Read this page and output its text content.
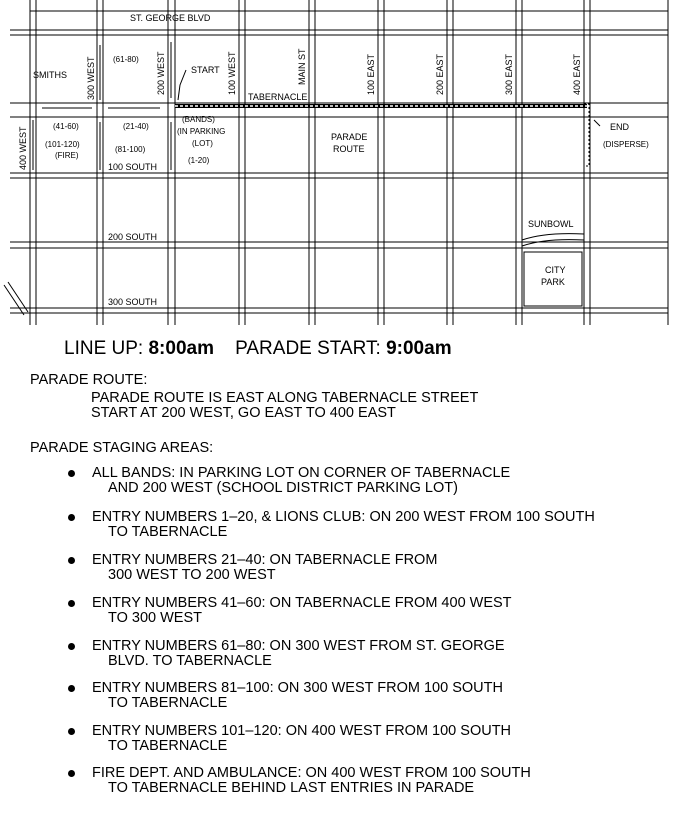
ST. GEORGE BLVD
400 WEST
300 WEST	200 WEST	100 WEST	MAIN ST	100 EAST	200 EAST	300 EAST	400 EAST
TABERNACLE
100 SOUTH
200 SOUTH
300 SOUTH
SMITHS
SUNBOWL
CITY
PARK
(61-80)
START
(BANDS)
(IN PARKING
(LOT)
(41-60)	(21-40)
(101-120)
(FIRE)
(81-100)
(1-20)
PARADE
ROUTE
END
(DISPERSE)
LINE UP: 8:00am PARADE START: 9:00am
PARADE ROUTE:
PARADE ROUTE IS EAST ALONG TABERNACLE STREET
START AT 200 WEST, GO EAST TO 400 EAST
PARADE STAGING AREAS:
ALL BANDS: IN PARKING LOT ON CORNER OF TABERNACLE
AND 200 WEST (SCHOOL DISTRICT PARKING LOT)
ENTRY NUMBERS 1–20, & LIONS CLUB: ON 200 WEST FROM 100 SOUTH
TO TABERNACLE
ENTRY NUMBERS 21–40: ON TABERNACLE FROM
300 WEST TO 200 WEST
ENTRY NUMBERS 41–60: ON TABERNACLE FROM 400 WEST
TO 300 WEST
ENTRY NUMBERS 61–80: ON 300 WEST FROM ST. GEORGE
BLVD. TO TABERNACLE
ENTRY NUMBERS 81–100: ON 300 WEST FROM 100 SOUTH
TO TABERNACLE
ENTRY NUMBERS 101–120: ON 400 WEST FROM 100 SOUTH
TO TABERNACLE
FIRE DEPT. AND AMBULANCE: ON 400 WEST FROM 100 SOUTH
TO TABERNACLE BEHIND LAST ENTRIES IN PARADE
